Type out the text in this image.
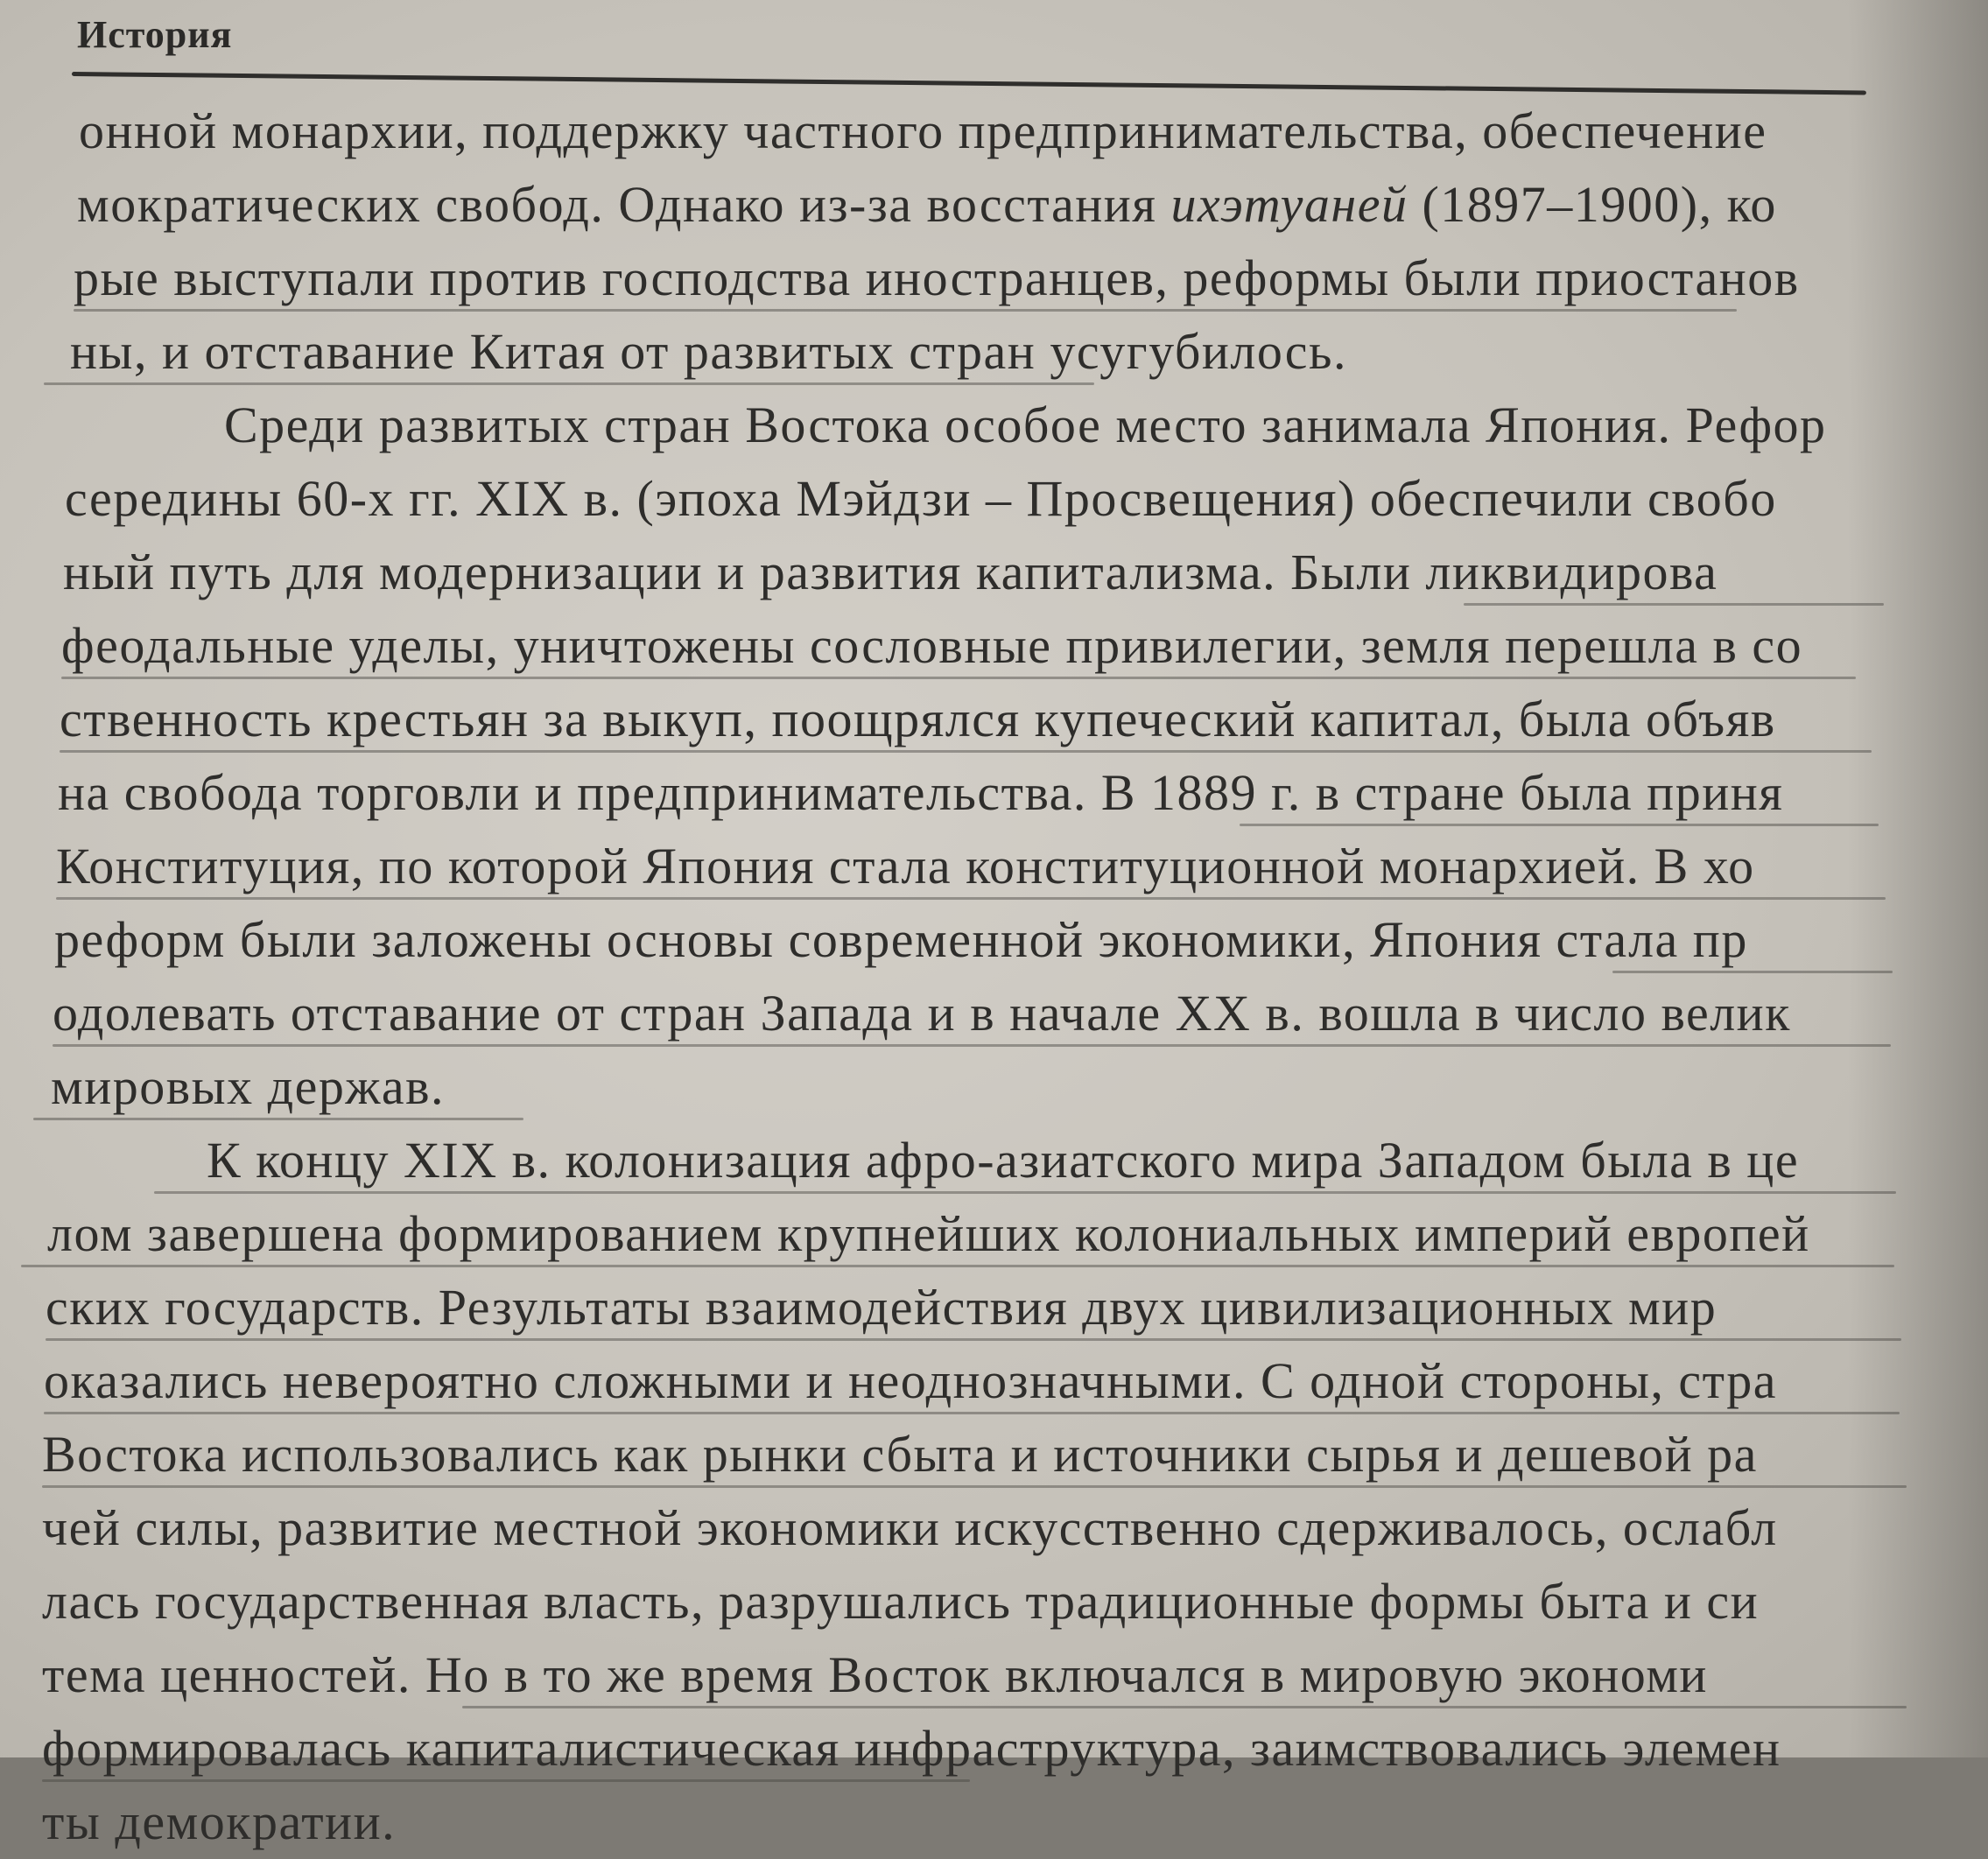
История
онной монархии, поддержку частного предпринимательства, обеспечение
мократических свобод. Однако из-за восстания ихэтуаней (1897–1900), ко
рые выступали против господства иностранцев, реформы были приостанов
ны, и отставание Китая от развитых стран усугубилось.
Среди развитых стран Востока особое место занимала Япония. Рефор
середины 60-х гг. XIX в. (эпоха Мэйдзи – Просвещения) обеспечили свобо
ный путь для модернизации и развития капитализма. Были ликвидирова
феодальные уделы, уничтожены сословные привилегии, земля перешла в со
ственность крестьян за выкуп, поощрялся купеческий капитал, была объяв
на свобода торговли и предпринимательства. В 1889 г. в стране была приня
Конституция, по которой Япония стала конституционной монархией. В хо
реформ были заложены основы современной экономики, Япония стала пр
одолевать отставание от стран Запада и в начале XX в. вошла в число велик
мировых держав.
К концу XIX в. колонизация афро-азиатского мира Западом была в це
лом завершена формированием крупнейших колониальных империй европей
ских государств. Результаты взаимодействия двух цивилизационных мир
оказались невероятно сложными и неоднозначными. С одной стороны, стра
Востока использовались как рынки сбыта и источники сырья и дешевой ра
чей силы, развитие местной экономики искусственно сдерживалось, ослабл
лась государственная власть, разрушались традиционные формы быта и си
тема ценностей. Но в то же время Восток включался в мировую экономи
формировалась капиталистическая инфраструктура, заимствовались элемен
ты демократии.
